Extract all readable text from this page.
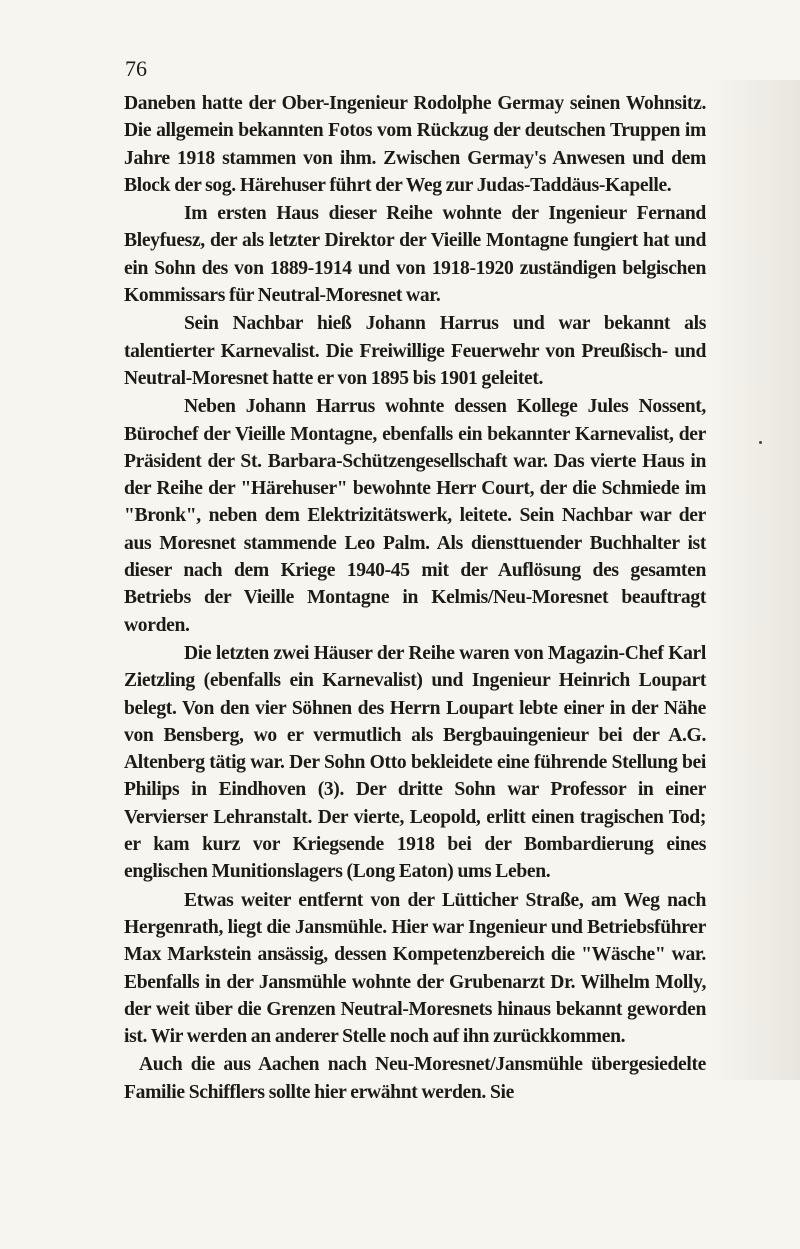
76

Daneben hatte der Ober-Ingenieur Rodolphe Germay seinen Wohnsitz. Die allgemein bekannten Fotos vom Rückzug der deutschen Truppen im Jahre 1918 stammen von ihm. Zwischen Germay's Anwesen und dem Block der sog. Härehuser führt der Weg zur Judas-Taddäus-Kapelle.

Im ersten Haus dieser Reihe wohnte der Ingenieur Fernand Bleyfuesz, der als letzter Direktor der Vieille Montagne fungiert hat und ein Sohn des von 1889-1914 und von 1918-1920 zuständigen belgischen Kommissars für Neutral-Moresnet war.

Sein Nachbar hieß Johann Harrus und war bekannt als talentierter Karnevalist. Die Freiwillige Feuerwehr von Preußisch- und Neutral-Moresnet hatte er von 1895 bis 1901 geleitet.

Neben Johann Harrus wohnte dessen Kollege Jules Nossent, Bürochef der Vieille Montagne, ebenfalls ein bekannter Karnevalist, der Präsident der St. Barbara-Schützengesellschaft war. Das vierte Haus in der Reihe der "Härehuser" bewohnte Herr Court, der die Schmiede im "Bronk", neben dem Elektrizitätswerk, leitete. Sein Nachbar war der aus Moresnet stammende Leo Palm. Als diensttuender Buchhalter ist dieser nach dem Kriege 1940-45 mit der Auflösung des gesamten Betriebs der Vieille Montagne in Kelmis/Neu-Moresnet beauftragt worden.

Die letzten zwei Häuser der Reihe waren von Magazin-Chef Karl Zietzling (ebenfalls ein Karnevalist) und Ingenieur Heinrich Loupart belegt. Von den vier Söhnen des Herrn Loupart lebte einer in der Nähe von Bensberg, wo er vermutlich als Bergbauingenieur bei der A.G. Altenberg tätig war. Der Sohn Otto bekleidete eine führende Stellung bei Philips in Eindhoven (3). Der dritte Sohn war Professor in einer Vervierser Lehranstalt. Der vierte, Leopold, erlitt einen tragischen Tod; er kam kurz vor Kriegsende 1918 bei der Bombardierung eines englischen Munitionslagers (Long Eaton) ums Leben.

Etwas weiter entfernt von der Lütticher Straße, am Weg nach Hergenrath, liegt die Jansmühle. Hier war Ingenieur und Betriebsführer Max Markstein ansässig, dessen Kompetenzbereich die "Wäsche" war. Ebenfalls in der Jansmühle wohnte der Grubenarzt Dr. Wilhelm Molly, der weit über die Grenzen Neutral-Moresnets hinaus bekannt geworden ist. Wir werden an anderer Stelle noch auf ihn zurückkommen.

Auch die aus Aachen nach Neu-Moresnet/Jansmühle übergesiedelte Familie Schifflers sollte hier erwähnt werden. Sie
